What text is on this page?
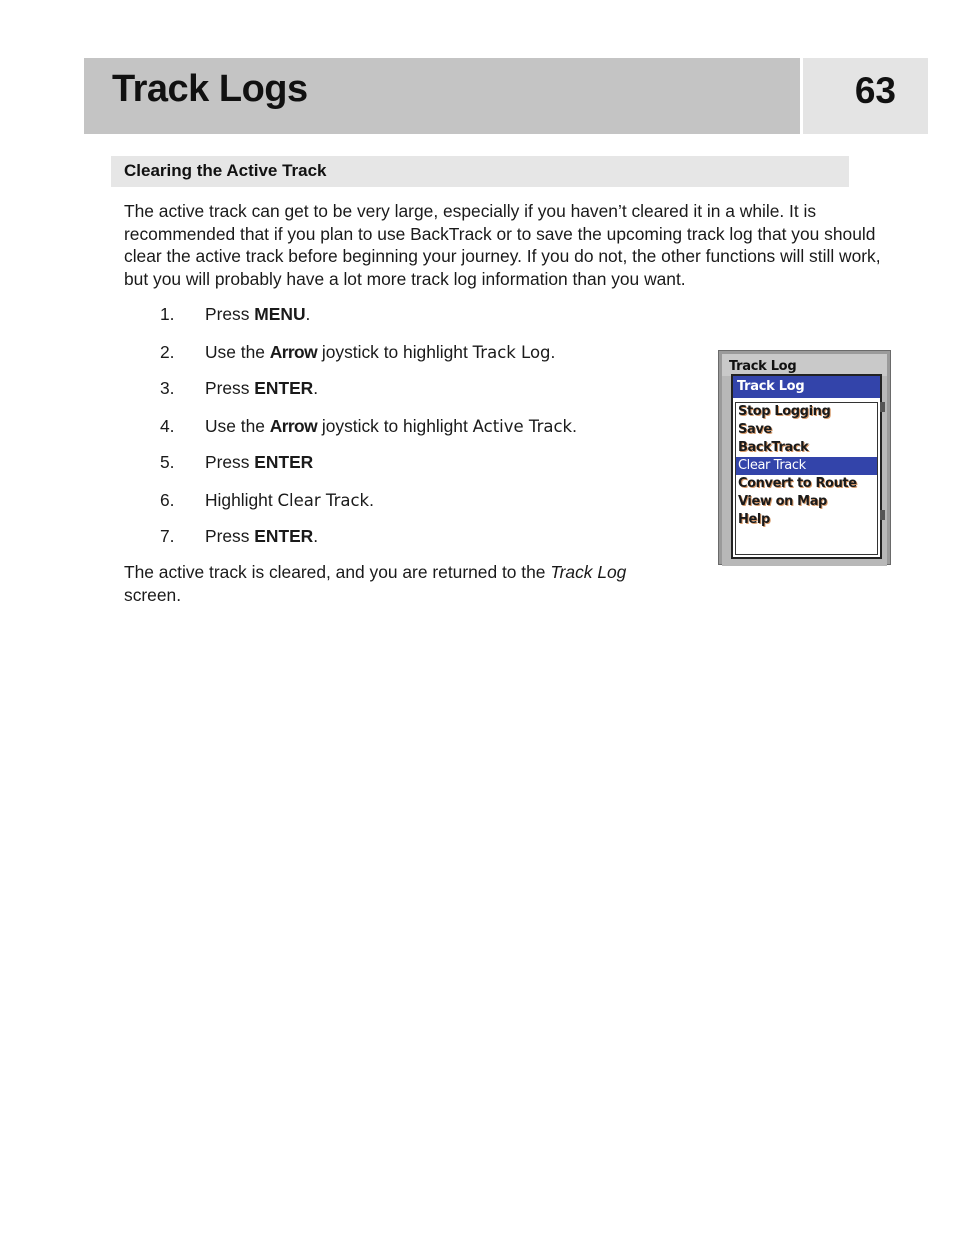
Track Logs	63
Clearing the Active Track

The active track can get to be very large, especially if you haven’t cleared it in a while. It is recommended that if you plan to use BackTrack or to save the upcoming track log that you should clear the active track before beginning your journey. If you do not, the other functions will still work, but you will probably have a lot more track log information than you want.

1. Press MENU.
2. Use the Arrow joystick to highlight Track Log.
3. Press ENTER.
4. Use the Arrow joystick to highlight Active Track.
5. Press ENTER
6. Highlight Clear Track.
7. Press ENTER.

The active track is cleared, and you are returned to the Track Log
screen.

Track Log
Track Log
Stop Logging
Save
BackTrack
Clear Track
Convert to Route
View on Map
Help
